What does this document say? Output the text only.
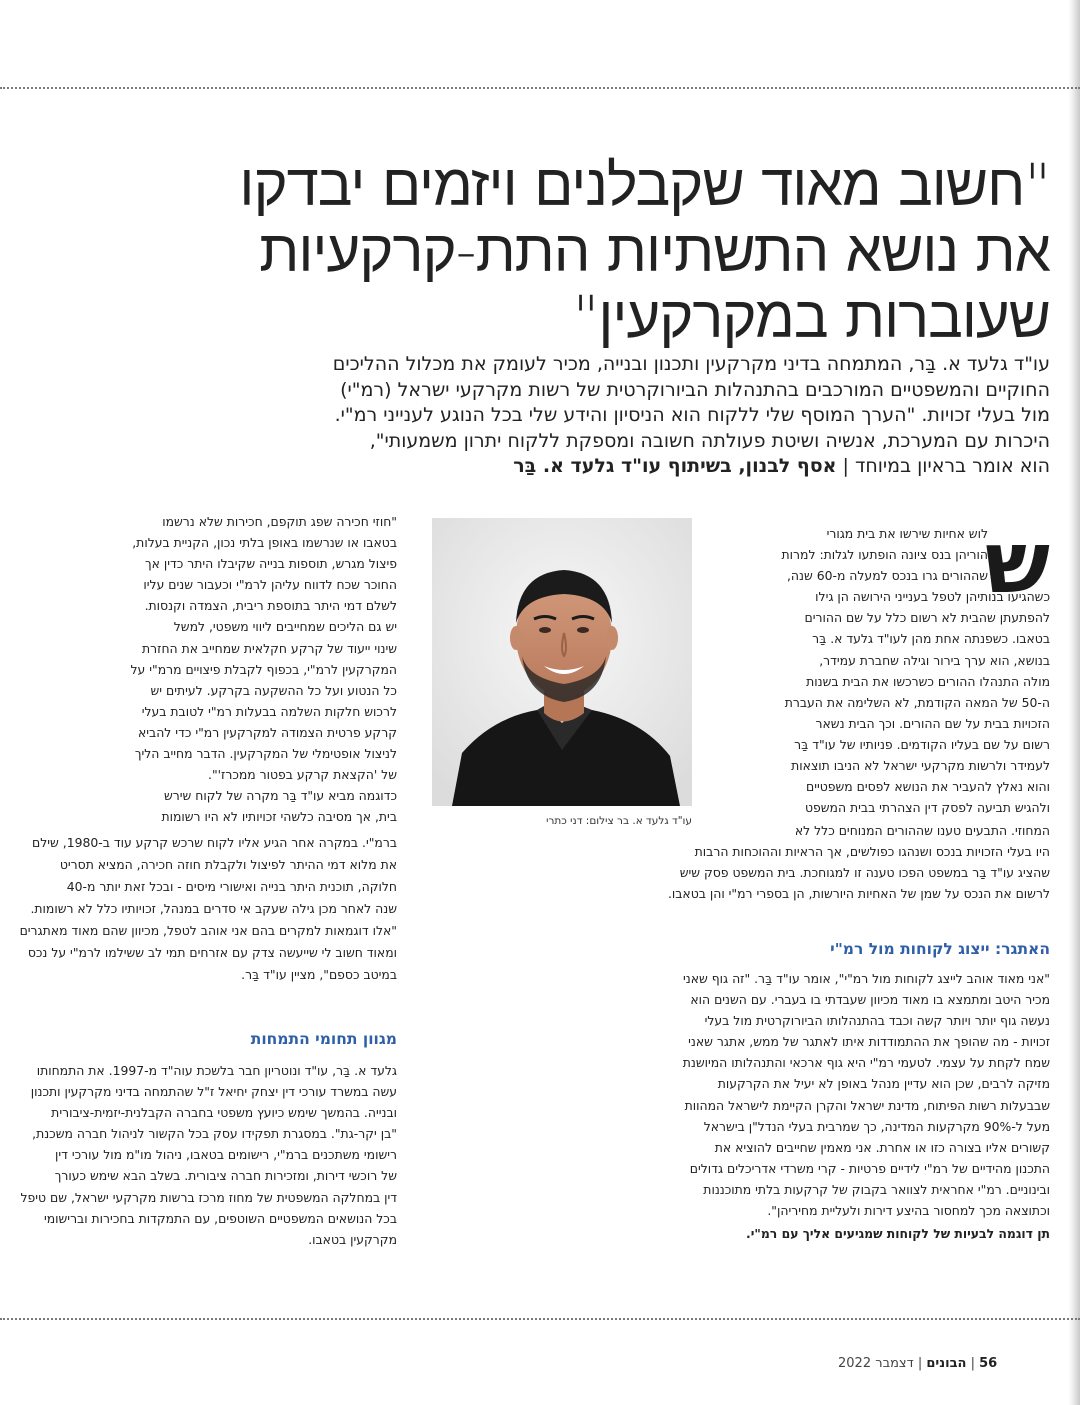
"חשוב מאוד שקבלנים ויזמים יבדקו
את נושא התשתיות התת-קרקעיות
שעוברות במקרקעין"
עו"ד גלעד א. בַּר, המתמחה בדיני מקרקעין ותכנון ובנייה, מכיר לעומק את מכלול ההליכים
החוקיים והמשפטיים המורכבים בהתנהלות הביורוקרטית של רשות מקרקעי ישראל (רמ"י)
מול בעלי זכויות. "הערך המוסף שלי ללקוח הוא הניסיון והידע שלי בכל הנוגע לענייני רמ"י.
היכרות עם המערכת, אנשיה ושיטת פעולתה חשובה ומספקת ללקוח יתרון משמעותי",
הוא אומר בראיון במיוחד | אסף לבנון, בשיתוף עו"ד גלעד א. בַּר
ש

לוש אחיות שירשו את בית מגורי

הוריהן בנס ציונה הופתעו לגלות: למרות

שההורים גרו בנכס למעלה מ-60 שנה,

כשהגיעו בנותיהן לטפל בענייני הירושה הן גילו

להפתעתן שהבית לא רשום כלל על שם ההורים

בטאבו. כשפנתה אחת מהן לעו"ד גלעד א. בַּר

בנושא, הוא ערך בירור וגילה שחברת עמידר,

מולה התנהלו ההורים כשרכשו את הבית בשנות

ה-50 של המאה הקודמת, לא השלימה את העברת

הזכויות בבית על שם ההורים. וכך הבית נשאר

רשום על שם בעליו הקודמים. פניותיו של עו"ד בַּר

לעמידר ולרשות מקרקעי ישראל לא הניבו תוצאות

והוא נאלץ להעביר את הנושא לפסים משפטיים

ולהגיש תביעה לפסק דין הצהרתי בבית המשפט

עו"ד גלעד א. בר צילום: דני כתרי

"חוזי חכירה שפג תוקפם, חכירות שלא נרשמו

בטאבו או שנרשמו באופן בלתי נכון, הקניית בעלות,

פיצול מגרש, תוספות בנייה שקיבלו היתר כדין אך

החוכר שכח לדווח עליהן לרמ"י וכעבור שנים עליו

לשלם דמי היתר בתוספת ריבית, הצמדה וקנסות.

יש גם הליכים שמחייבים ליווי משפטי, למשל

שינוי ייעוד של קרקע חקלאית שמחייב את החזרת

המקרקעין לרמ"י, בכפוף לקבלת פיצויים מרמ"י על

כל הנטוע ועל כל ההשקעה בקרקע. לעיתים יש

לרכוש חלקות השלמה בבעלות רמ"י לטובת בעלי

קרקע פרטית הצמודה למקרקעין רמ"י כדי להביא

לניצול אופטימלי של המקרקעין. הדבר מחייב הליך

של 'הקצאת קרקע בפטור ממכרז'".

כדוגמה מביא עו"ד בַּר מקרה של לקוח שירש

בית, אך מסיבה כלשהי זכויותיו לא היו רשומות

המחוזי. התבעים טענו שההורים המנוחים כלל לא

היו בעלי הזכויות בנכס ושנהגו כפולשים, אך הראיות וההוכחות הרבות

שהציג עו"ד בַּר במשפט הפכו טענה זו למגוחכת. בית המשפט פסק שיש

לרשום את הנכס על שמן של האחיות היורשות, הן בספרי רמ"י והן בטאבו.

ברמ"י. במקרה אחר הגיע אליו לקוח שרכש קרקע עוד ב-1980, שילם

את מלוא דמי ההיתר לפיצול ולקבלת חוזה חכירה, המציא תסריט

חלוקה, תוכנית היתר בנייה ואישורי מיסים - ובכל זאת יותר מ-40

שנה לאחר מכן גילה שעקב אי סדרים במנהל, זכויותיו כלל לא רשומות.

"אלו דוגמאות למקרים בהם אני אוהב לטפל, מכיוון שהם מאוד מאתגרים

ומאוד חשוב לי שייעשה צדק עם אזרחים תמי לב ששילמו לרמ"י על נכס

במיטב כספם", מציין עו"ד בַּר.

האתגר: ייצוג לקוחות מול רמ"י

"אני מאוד אוהב לייצג לקוחות מול רמ"י", אומר עו"ד בַּר. "זה גוף שאני

מכיר היטב ומתמצא בו מאוד מכיוון שעבדתי בו בעברי. עם השנים הוא

נעשה גוף יותר ויותר קשה וכבד בהתנהלותו הביורוקרטית מול בעלי

זכויות - מה שהופך את ההתמודדות איתו לאתגר של ממש, אתגר שאני

שמח לקחת על עצמי. לטעמי רמ"י היא גוף ארכאי והתנהלותו המיושנת

מזיקה לרבים, שכן הוא עדיין מנהל באופן לא יעיל את הקרקעות

שבבעלות רשות הפיתוח, מדינת ישראל והקרן הקיימת לישראל המהוות

מעל ל-90% מקרקעות המדינה, כך שמרבית בעלי הנדל"ן בישראל

קשורים אליו בצורה כזו או אחרת. אני מאמין שחייבים להוציא את

התכנון מהידיים של רמ"י לידיים פרטיות - קרי משרדי אדריכלים גדולים

ובינוניים. רמ"י אחראית לצוואר בקבוק של קרקעות בלתי מתוכננות

וכתוצאה מכך למחסור בהיצע דירות ולעליית מחיריהן".

תן דוגמה לבעיות של לקוחות שמגיעים אליך עם רמ"י.

מגוון תחומי התמחות

גלעד א. בַּר, עו"ד ונוטריון חבר בלשכת עוה"ד מ-1997. את התמחותו

עשה במשרד עורכי דין יצחק יחיאל ז"ל שהתמחה בדיני מקרקעין ותכנון

ובנייה. בהמשך שימש כיועץ משפטי בחברה הקבלנית-יזמית-ציבורית

"בן יקר-גת". במסגרת תפקידו עסק בכל הקשור לניהול חברה משכנת,

רישומי משתכנים ברמ"י, רישומים בטאבו, ניהול מו"מ מול עורכי דין

של רוכשי דירות, ומזכירות חברה ציבורית. בשלב הבא שימש כעורך

דין במחלקה המשפטית של מחוז מרכז ברשות מקרקעי ישראל, שם טיפל

בכל הנושאים המשפטיים השוטפים, עם התמקדות בחכירות וברישומי

מקרקעין בטאבו.

56 | הבונים | דצמבר 2022
